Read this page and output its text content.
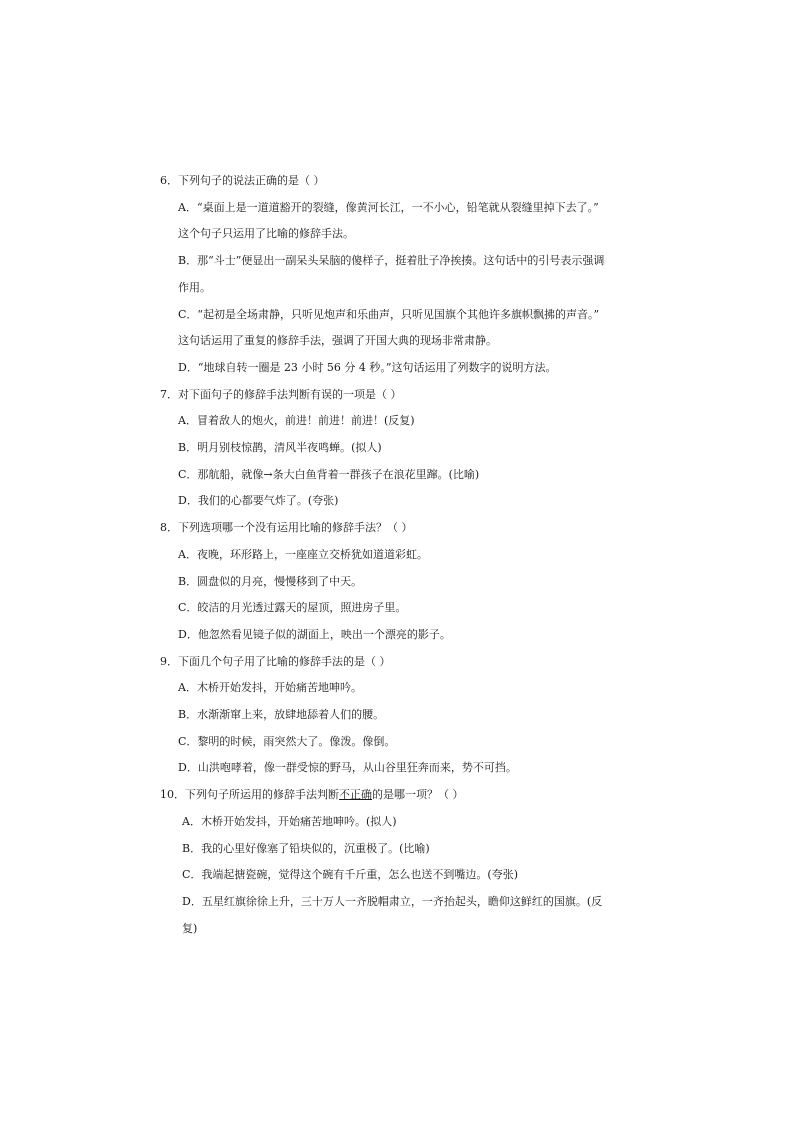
6．下列句子的说法正确的是（ ）
A．“桌面上是一道道豁开的裂缝，像黄河长江，一不小心，铅笔就从裂缝里掉下去了。”
这个句子只运用了比喻的修辞手法。
B．那“斗士”便显出一副呆头呆脑的傻样子，挺着肚子净挨揍。这句话中的引号表示强调
作用。
C．“起初是全场肃静，只听见炮声和乐曲声，只听见国旗个其他许多旗帜飘拂的声音。”
这句话运用了重复的修辞手法，强调了开国大典的现场非常肃静。
D．“地球自转一圈是 23 小时 56 分 4 秒。”这句话运用了列数字的说明方法。
7．对下面句子的修辞手法判断有误的一项是（ ）
A．冒着敌人的炮火，前进！前进！前进！(反复)
B．明月别枝惊鹊，清风半夜鸣蝉。(拟人)
C．那航船，就像→条大白鱼背着一群孩子在浪花里蹿。(比喻)
D．我们的心都要气炸了。(夸张)
8．下列选项哪一个没有运用比喻的修辞手法？（ ）
A．夜晚，环形路上，一座座立交桥犹如道道彩虹。
B．圆盘似的月亮，慢慢移到了中天。
C．皎洁的月光透过露天的屋顶，照进房子里。
D．他忽然看见镜子似的湖面上，映出一个漂亮的影子。
9．下面几个句子用了比喻的修辞手法的是（ ）
A．木桥开始发抖，开始痛苦地呻吟。
B．水渐渐窜上来，放肆地舔着人们的腰。
C．黎明的时候，雨突然大了。像泼。像倒。
D．山洪咆哮着，像一群受惊的野马，从山谷里狂奔而来，势不可挡。
10．下列句子所运用的修辞手法判断不正确的是哪一项？（ ）
A．木桥开始发抖，开始痛苦地呻吟。(拟人)
B．我的心里好像塞了铅块似的，沉重极了。(比喻)
C．我端起搪瓷碗，觉得这个碗有千斤重，怎么也送不到嘴边。(夸张)
D．五星红旗徐徐上升，三十万人一齐脱帽肃立，一齐抬起头，瞻仰这鲜红的国旗。(反
复)
